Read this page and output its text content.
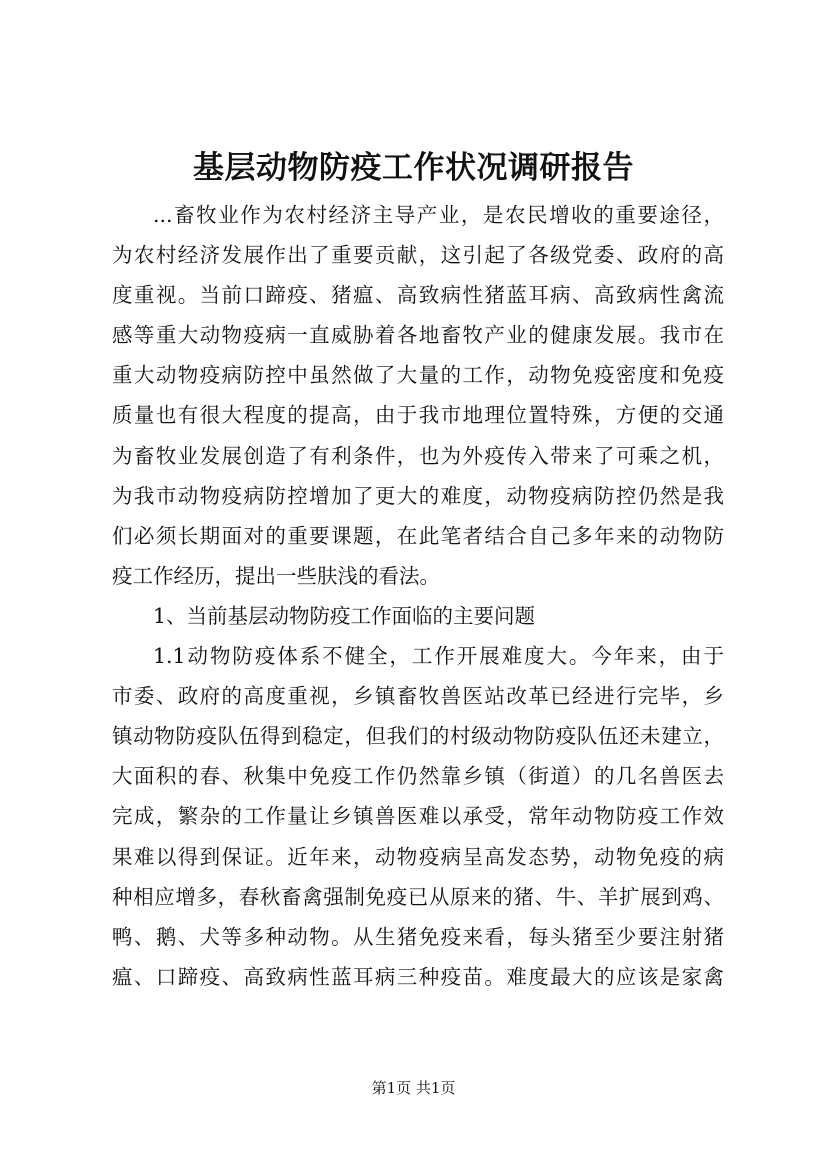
基层动物防疫工作状况调研报告
...畜牧业作为农村经济主导产业，是农民增收的重要途径，
为农村经济发展作出了重要贡献，这引起了各级党委、政府的高
度重视。当前口蹄疫、猪瘟、高致病性猪蓝耳病、高致病性禽流
感等重大动物疫病一直威胁着各地畜牧产业的健康发展。我市在
重大动物疫病防控中虽然做了大量的工作，动物免疫密度和免疫
质量也有很大程度的提高，由于我市地理位置特殊，方便的交通
为畜牧业发展创造了有利条件，也为外疫传入带来了可乘之机，
为我市动物疫病防控增加了更大的难度，动物疫病防控仍然是我
们必须长期面对的重要课题，在此笔者结合自己多年来的动物防
疫工作经历，提出一些肤浅的看法。
1、当前基层动物防疫工作面临的主要问题
1.1动物防疫体系不健全，工作开展难度大。今年来，由于
市委、政府的高度重视，乡镇畜牧兽医站改革已经进行完毕，乡
镇动物防疫队伍得到稳定，但我们的村级动物防疫队伍还未建立，
大面积的春、秋集中免疫工作仍然靠乡镇（街道）的几名兽医去
完成，繁杂的工作量让乡镇兽医难以承受，常年动物防疫工作效
果难以得到保证。近年来，动物疫病呈高发态势，动物免疫的病
种相应增多，春秋畜禽强制免疫已从原来的猪、牛、羊扩展到鸡、
鸭、鹅、犬等多种动物。从生猪免疫来看，每头猪至少要注射猪
瘟、口蹄疫、高致病性蓝耳病三种疫苗。难度最大的应该是家禽
第1页 共1页
